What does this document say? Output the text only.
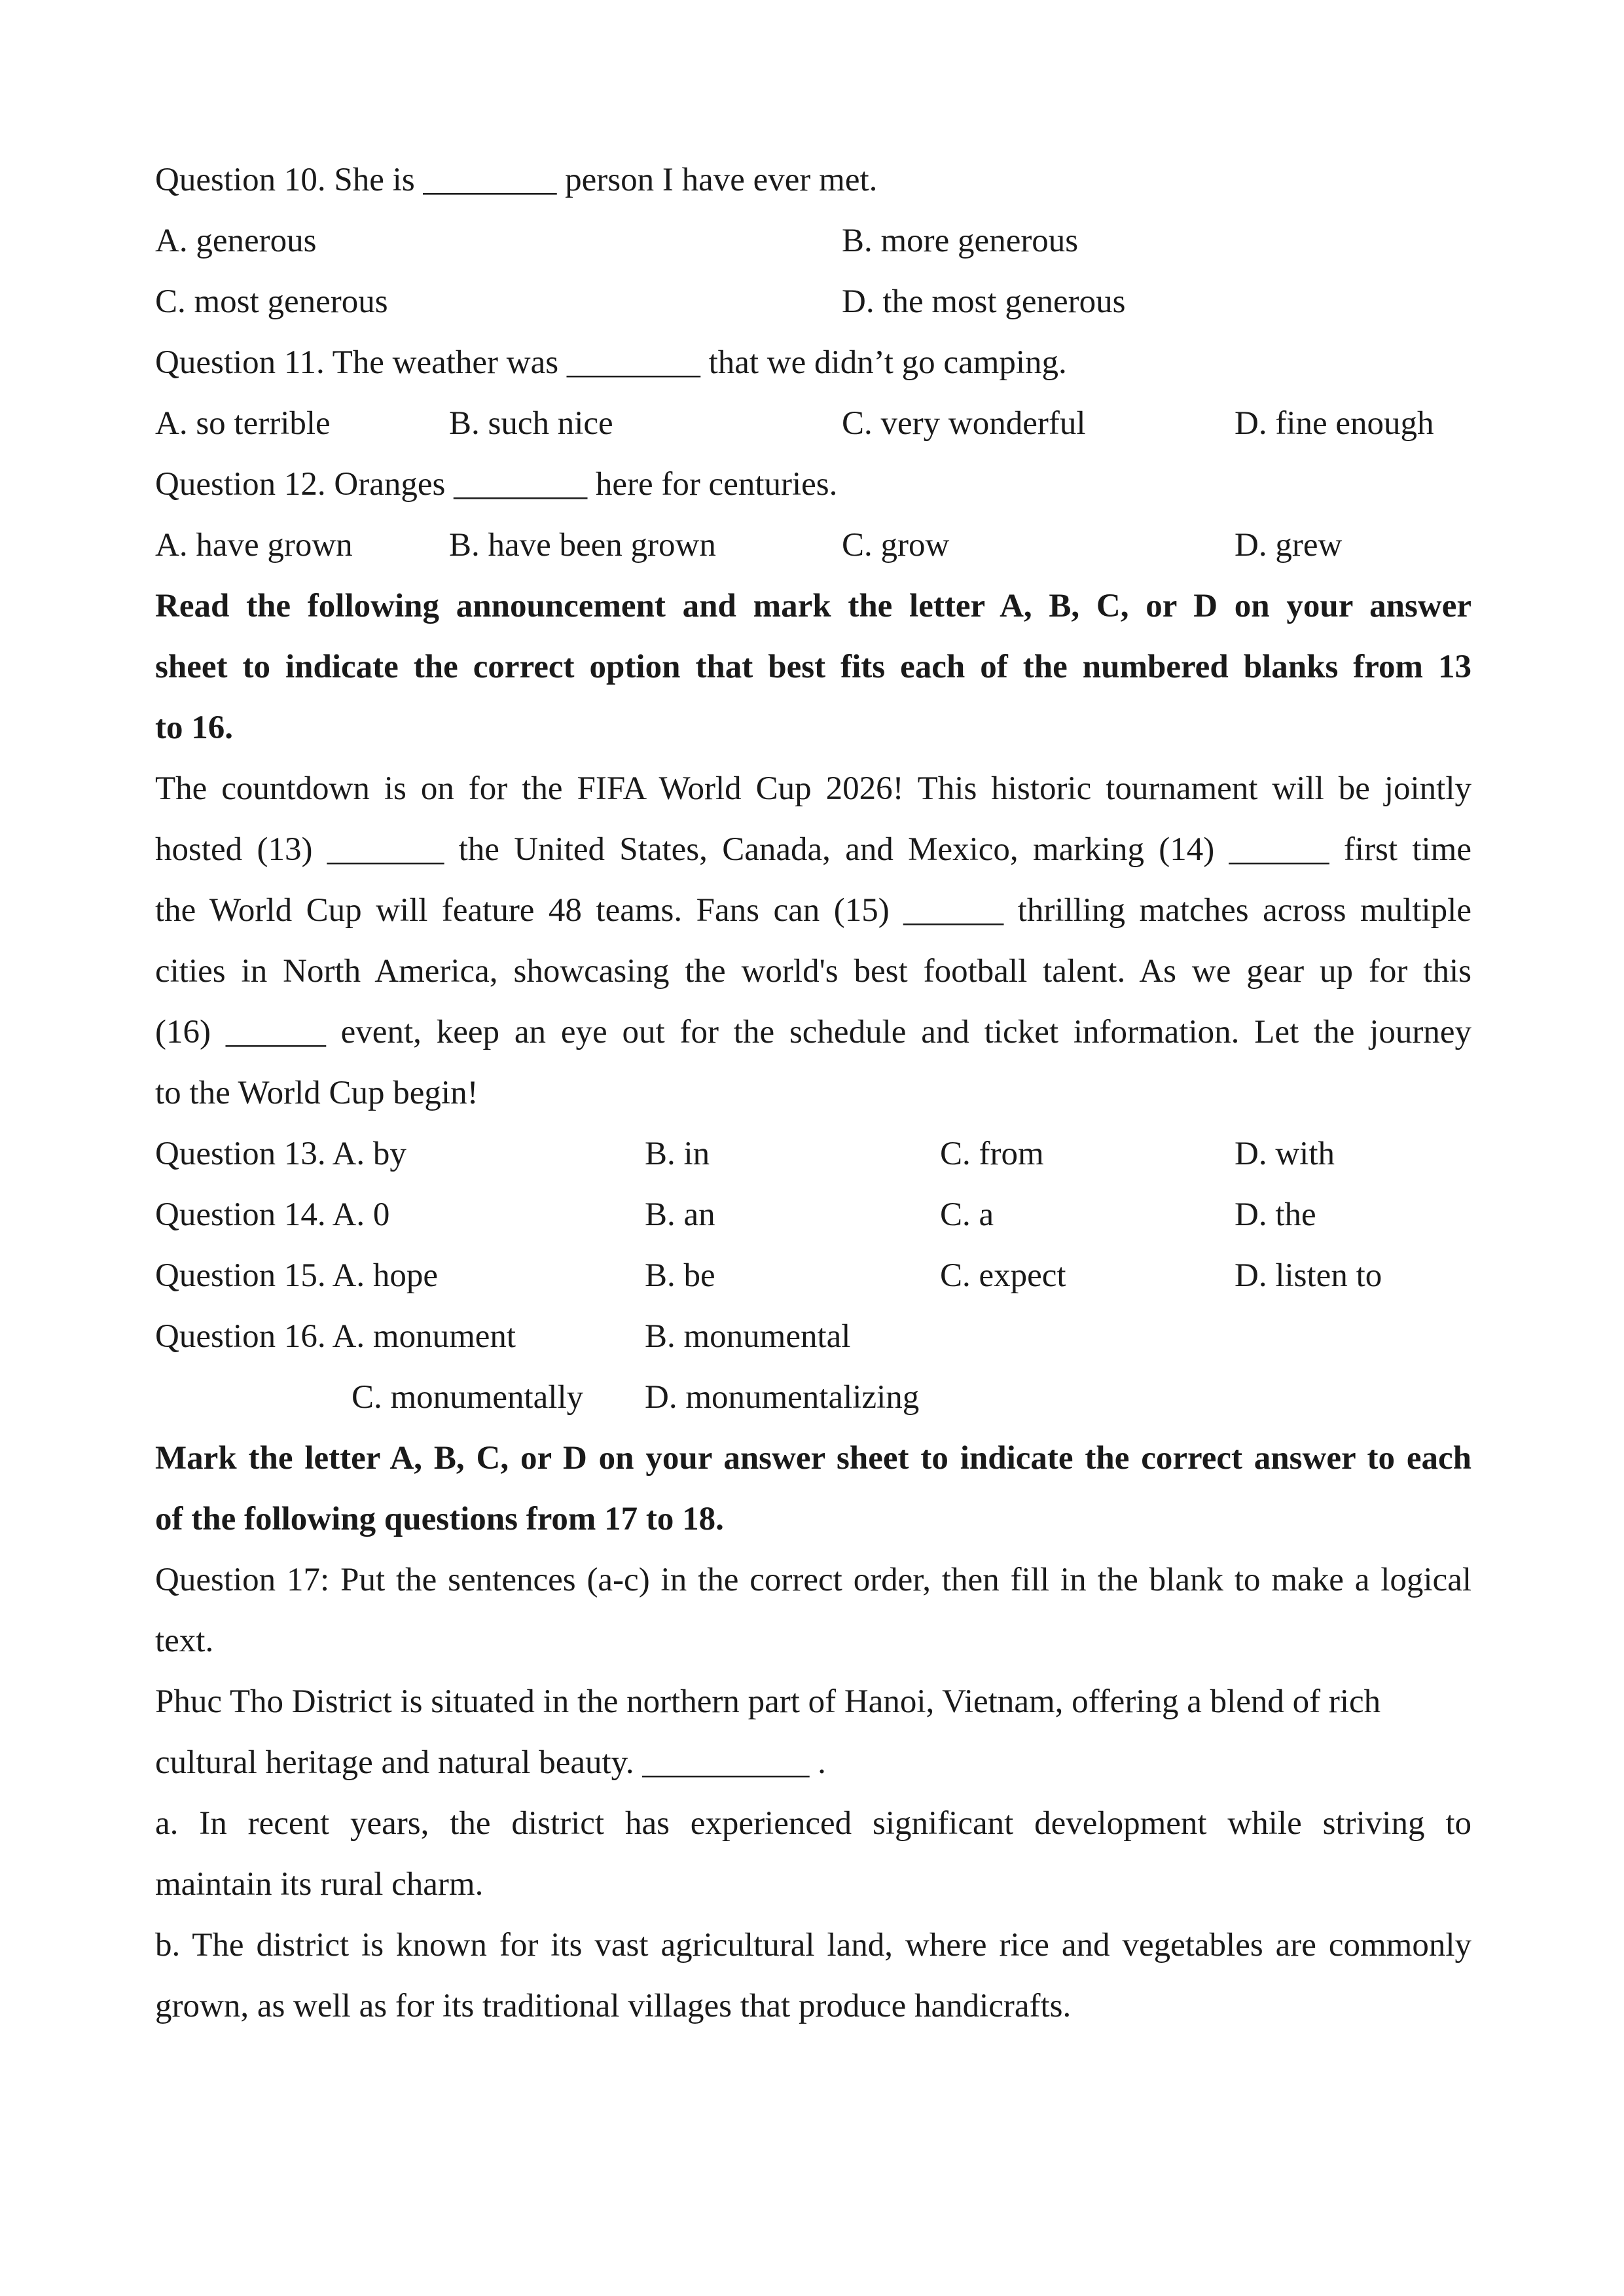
Question 10. She is ________ person I have ever met.
A. generous	B. more generous
C. most generous	D. the most generous
Question 11. The weather was ________ that we didn’t go camping.
A. so terrible	B. such nice	C. very wonderful	D. fine enough
Question 12. Oranges ________ here for centuries.
A. have grown	B. have been grown	C. grow	D. grew
Read the following announcement and mark the letter A, B, C, or D on your answer
sheet to indicate the correct option that best fits each of the numbered blanks from 13
to 16.
The countdown is on for the FIFA World Cup 2026! This historic tournament will be jointly
hosted (13) _______ the United States, Canada, and Mexico, marking (14) ______ first time
the World Cup will feature 48 teams. Fans can (15) ______ thrilling matches across multiple
cities in North America, showcasing the world's best football talent. As we gear up for this
(16) ______ event, keep an eye out for the schedule and ticket information. Let the journey
to the World Cup begin!
Question 13. A. by	B. in	C. from	D. with
Question 14. A. 0	B. an	C. a	D. the
Question 15. A. hope	B. be	C. expect	D. listen to
Question 16. A. monument	B. monumental
C. monumentally D. monumentalizing
Mark the letter A, B, C, or D on your answer sheet to indicate the correct answer to each
of the following questions from 17 to 18.
Question 17: Put the sentences (a-c) in the correct order, then fill in the blank to make a logical
text.
Phuc Tho District is situated in the northern part of Hanoi, Vietnam, offering a blend of rich
cultural heritage and natural beauty. __________ .
a. In recent years, the district has experienced significant development while striving to
maintain its rural charm.
b. The district is known for its vast agricultural land, where rice and vegetables are commonly
grown, as well as for its traditional villages that produce handicrafts.
